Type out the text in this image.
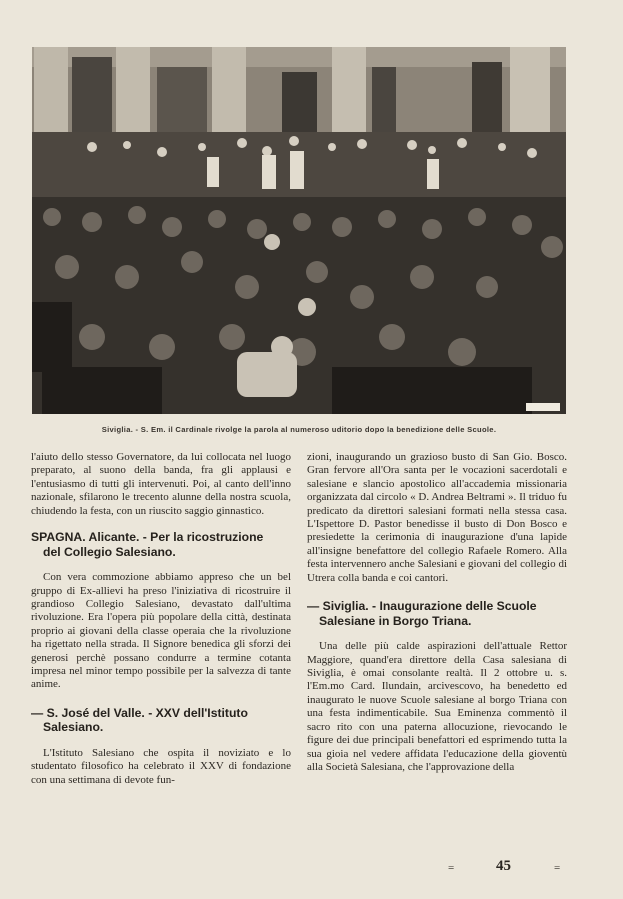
Siviglia. - S. Em. il Cardinale rivolge la parola al numeroso uditorio dopo la benedizione delle Scuole.

l'aiuto dello stesso Governatore, da lui collocata nel luogo preparato, al suono della banda, fra gli applausi e l'entusiasmo di tutti gli intervenuti. Poi, al canto dell'inno nazionale, sfilarono le trecento alunne della nostra scuola, chiudendo la festa, con un riuscito saggio ginnastico.

SPAGNA. Alicante. - Per la ricostruzione
del Collegio Salesiano.

Con vera commozione abbiamo appreso che un bel gruppo di Ex-allievi ha preso l'iniziativa di ricostruire il grandioso Collegio Salesiano, devastato dall'ultima rivoluzione. Era l'opera più popolare della città, destinata proprio ai giovani della classe operaia che la rivoluzione ha rigettato nella strada. Il Signore benedica gli sforzi dei generosi perchè possano condurre a termine cotanta impresa nel minor tempo possibile per la salvezza di tante anime.

— S. José del Valle. - XXV dell'Istituto
Salesiano.

L'Istituto Salesiano che ospita il noviziato e lo studentato filosofico ha celebrato il XXV di fondazione con una settimana di devote fun-

zioni, inaugurando un grazioso busto di San Gio. Bosco. Gran fervore all'Ora santa per le vocazioni sacerdotali e salesiane e slancio apostolico all'accademia missionaria organizzata dal circolo « D. Andrea Beltrami ». Il triduo fu predicato da direttori salesiani formati nella stessa casa. L'Ispettore D. Pastor benedisse il busto di Don Bosco e presiedette la cerimonia di inaugurazione d'una lapide all'insigne benefattore del collegio Rafaele Romero. Alla festa intervennero anche Salesiani e giovani del collegio di Utrera colla banda e coi cantori.

— Siviglia. - Inaugurazione delle Scuole
Salesiane in Borgo Triana.

Una delle più calde aspirazioni dell'attuale Rettor Maggiore, quand'era direttore della Casa salesiana di Siviglia, è omai consolante realtà. Il 2 ottobre u. s. l'Em.mo Card. Ilundain, arcivescovo, ha benedetto ed inaugurato le nuove Scuole salesiane al borgo Triana con una festa indimenticabile. Sua Eminenza commentò il sacro rito con una paterna allocuzione, rievocando le figure dei due principali benefattori ed esprimendo tutta la sua gioia nel vedere affidata l'educazione della gioventù alla Società Salesiana, che l'approvazione della

=	45	=
